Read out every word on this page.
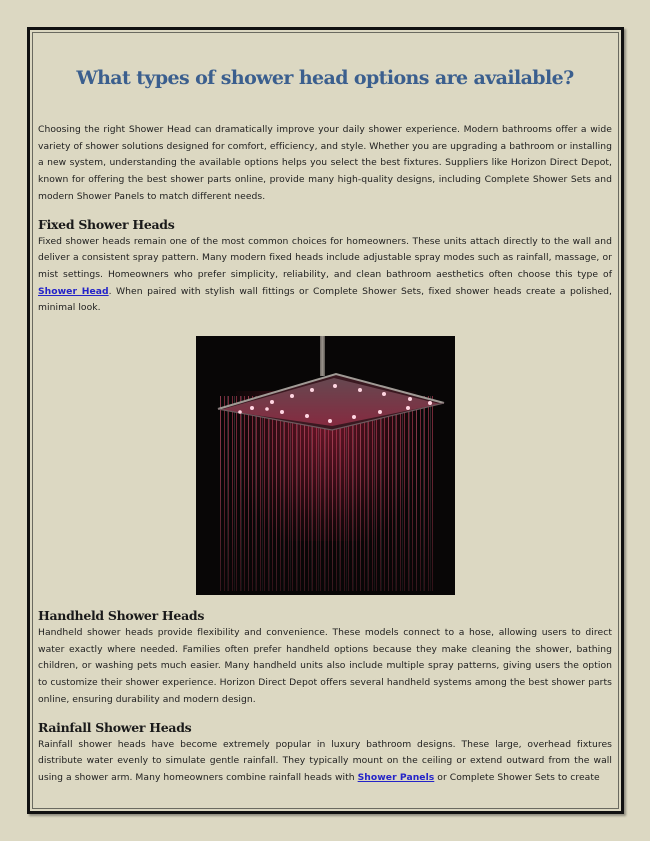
What types of shower head options are available?

Choosing the right Shower Head can dramatically improve your daily shower experience. Modern bathrooms offer a wide variety of shower solutions designed for comfort, efficiency, and style. Whether you are upgrading a bathroom or installing a new system, understanding the available options helps you select the best fixtures. Suppliers like Horizon Direct Depot, known for offering the best shower parts online, provide many high-quality designs, including Complete Shower Sets and modern Shower Panels to match different needs.

Fixed Shower Heads

Fixed shower heads remain one of the most common choices for homeowners. These units attach directly to the wall and deliver a consistent spray pattern. Many modern fixed heads include adjustable spray modes such as rainfall, massage, or mist settings. Homeowners who prefer simplicity, reliability, and clean bathroom aesthetics often choose this type of Shower Head. When paired with stylish wall fittings or Complete Shower Sets, fixed shower heads create a polished, minimal look.

Handheld Shower Heads

Handheld shower heads provide flexibility and convenience. These models connect to a hose, allowing users to direct water exactly where needed. Families often prefer handheld options because they make cleaning the shower, bathing children, or washing pets much easier. Many handheld units also include multiple spray patterns, giving users the option to customize their shower experience. Horizon Direct Depot offers several handheld systems among the best shower parts online, ensuring durability and modern design.

Rainfall Shower Heads

Rainfall shower heads have become extremely popular in luxury bathroom designs. These large, overhead fixtures distribute water evenly to simulate gentle rainfall. They typically mount on the ceiling or extend outward from the wall using a shower arm. Many homeowners combine rainfall heads with Shower Panels or Complete Shower Sets to create
